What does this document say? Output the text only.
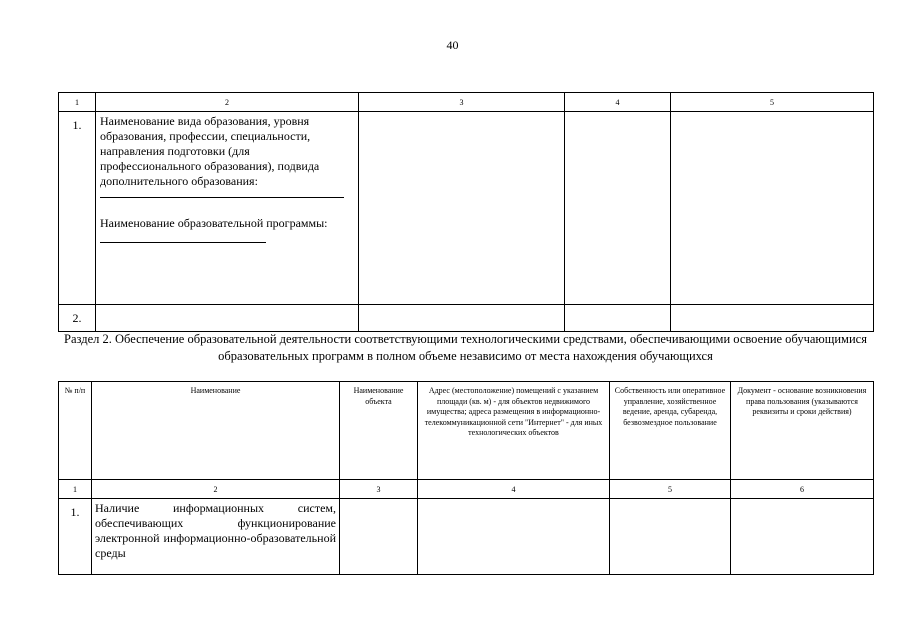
40
1	2	3	4	5
1.	Наименование вида образования, уровня образования, профессии, специальности, направления подготовки (для профессионального образования), подвида дополнительного образования:
Наименование образовательной программы:			
2.				
Раздел 2. Обеспечение образовательной деятельности соответствующими технологическими средствами, обеспечивающими освоение обучающимися образовательных программ в полном объеме независимо от места нахождения обучающихся
№ п/п	Наименование	Наименование объекта	Адрес (местоположение) помещений с указанием площади (кв. м) - для объектов недвижимого имущества; адреса размещения в информационно-телекоммуникационной сети "Интернет" - для иных технологических объектов	Собственность или оперативное управление, хозяйственное ведение, аренда, субаренда, безвозмездное пользование	Документ - основание возникновения права пользования (указываются реквизиты и сроки действия)
1	2	3	4	5	6
1.	Наличие информационных систем, обеспечивающих функционирование электронной информационно-образовательной среды				
